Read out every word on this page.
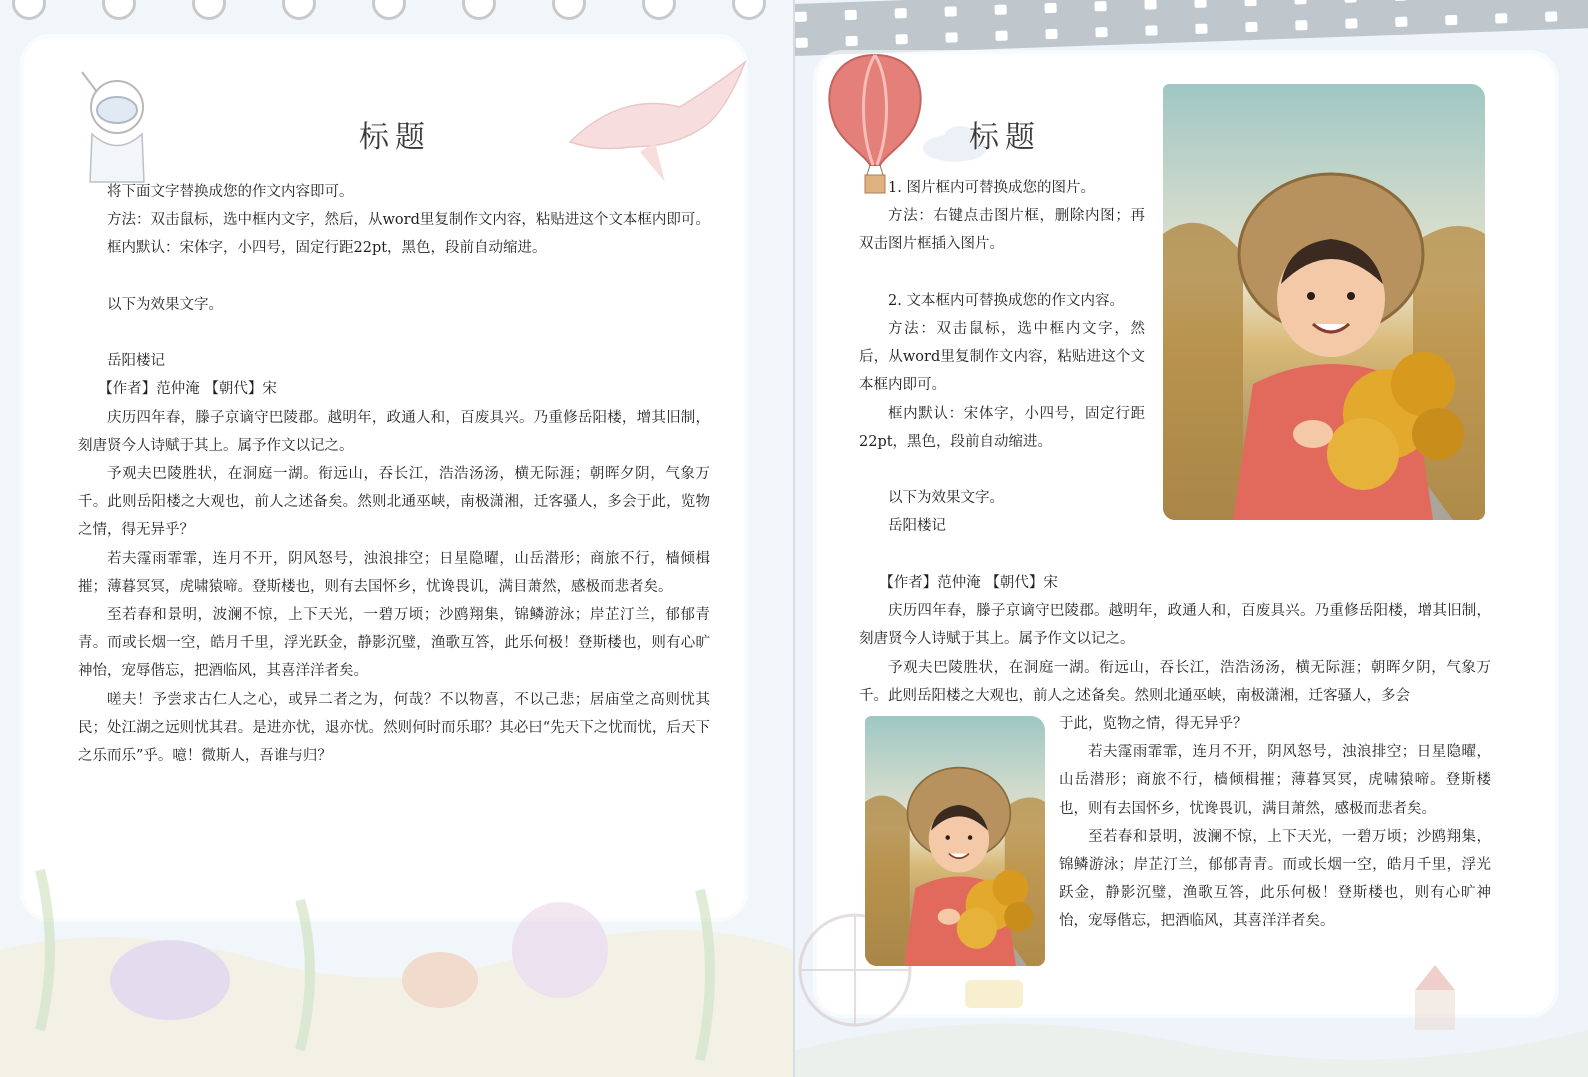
标题

将下面文字替换成您的作文内容即可。

方法：双击鼠标，选中框内文字，然后，从word里复制作文内容，粘贴进这个文本框内即可。

框内默认：宋体字，小四号，固定行距22pt，黑色，段前自动缩进。

以下为效果文字。

岳阳楼记

【作者】范仲淹 【朝代】宋

庆历四年春，滕子京谪守巴陵郡。越明年，政通人和，百废具兴。乃重修岳阳楼，增其旧制，刻唐贤今人诗赋于其上。属予作文以记之。

予观夫巴陵胜状，在洞庭一湖。衔远山，吞长江，浩浩汤汤，横无际涯；朝晖夕阴，气象万千。此则岳阳楼之大观也，前人之述备矣。然则北通巫峡，南极潇湘，迁客骚人，多会于此，览物之情，得无异乎？

若夫霪雨霏霏，连月不开，阴风怒号，浊浪排空；日星隐曜，山岳潜形；商旅不行，樯倾楫摧；薄暮冥冥，虎啸猿啼。登斯楼也，则有去国怀乡，忧谗畏讥，满目萧然，感极而悲者矣。

至若春和景明，波澜不惊，上下天光，一碧万顷；沙鸥翔集，锦鳞游泳；岸芷汀兰，郁郁青青。而或长烟一空，皓月千里，浮光跃金，静影沉璧，渔歌互答，此乐何极！登斯楼也，则有心旷神怡，宠辱偕忘，把酒临风，其喜洋洋者矣。

嗟夫！予尝求古仁人之心，或异二者之为，何哉？不以物喜，不以己悲；居庙堂之高则忧其民；处江湖之远则忧其君。是进亦忧，退亦忧。然则何时而乐耶？其必曰“先天下之忧而忧，后天下之乐而乐”乎。噫！微斯人，吾谁与归？

标题

1. 图片框内可替换成您的图片。

方法：右键点击图片框，删除内图；再双击图片框插入图片。

2. 文本框内可替换成您的作文内容。

方法：双击鼠标，选中框内文字，然后，从word里复制作文内容，粘贴进这个文本框内即可。

框内默认：宋体字，小四号，固定行距22pt，黑色，段前自动缩进。

以下为效果文字。

岳阳楼记

【作者】范仲淹 【朝代】宋

庆历四年春，滕子京谪守巴陵郡。越明年，政通人和，百废具兴。乃重修岳阳楼，增其旧制，刻唐贤今人诗赋于其上。属予作文以记之。

予观夫巴陵胜状，在洞庭一湖。衔远山，吞长江，浩浩汤汤，横无际涯；朝晖夕阴，气象万千。此则岳阳楼之大观也，前人之述备矣。然则北通巫峡，南极潇湘，迁客骚人，多会

于此，览物之情，得无异乎？

若夫霪雨霏霏，连月不开，阴风怒号，浊浪排空；日星隐曜，山岳潜形；商旅不行，樯倾楫摧；薄暮冥冥，虎啸猿啼。登斯楼也，则有去国怀乡，忧谗畏讥，满目萧然，感极而悲者矣。

至若春和景明，波澜不惊，上下天光，一碧万顷；沙鸥翔集，锦鳞游泳；岸芷汀兰，郁郁青青。而或长烟一空，皓月千里，浮光跃金，静影沉璧，渔歌互答，此乐何极！登斯楼也，则有心旷神怡，宠辱偕忘，把酒临风，其喜洋洋者矣。
